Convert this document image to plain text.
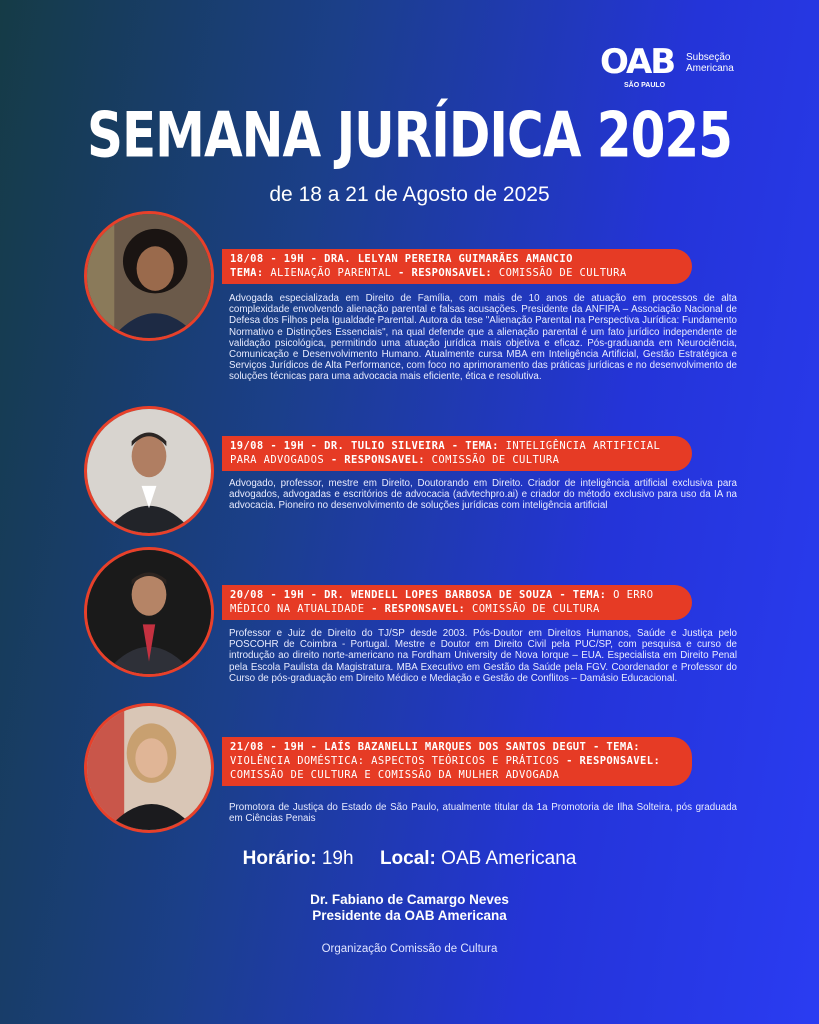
OAB
SÃO PAULO
Subseção
Americana
SEMANA JURÍDICA 2025
de 18 a 21 de Agosto de 2025
18/08 - 19H - DRA. LELYAN PEREIRA GUIMARÃES AMANCIO
TEMA: ALIENAÇÃO PARENTAL - RESPONSAVEL: COMISSÃO DE CULTURA
Advogada especializada em Direito de Família, com mais de 10 anos de atuação em processos de alta complexidade envolvendo alienação parental e falsas acusações. Presidente da ANFIPA – Associação Nacional de Defesa dos Filhos pela Igualdade Parental. Autora da tese "Alienação Parental na Perspectiva Jurídica: Fundamento Normativo e Distinções Essenciais", na qual defende que a alienação parental é um fato jurídico independente de validação psicológica, permitindo uma atuação jurídica mais objetiva e eficaz. Pós-graduanda em Neurociência, Comunicação e Desenvolvimento Humano. Atualmente cursa MBA em Inteligência Artificial, Gestão Estratégica e Serviços Jurídicos de Alta Performance, com foco no aprimoramento das práticas jurídicas e no desenvolvimento de soluções técnicas para uma advocacia mais eficiente, ética e resolutiva.
19/08 - 19H - DR. TULIO SILVEIRA - TEMA: INTELIGÊNCIA ARTIFICIAL PARA ADVOGADOS - RESPONSAVEL: COMISSÃO DE CULTURA
Advogado, professor, mestre em Direito, Doutorando em Direito. Criador de inteligência artificial exclusiva para advogados, advogadas e escritórios de advocacia (advtechpro.ai) e criador do método exclusivo para uso da IA na advocacia. Pioneiro no desenvolvimento de soluções jurídicas com inteligência artificial
20/08 - 19H - DR. WENDELL LOPES BARBOSA DE SOUZA - TEMA: O ERRO MÉDICO NA ATUALIDADE - RESPONSAVEL: COMISSÃO DE CULTURA
Professor e Juiz de Direito do TJ/SP desde 2003. Pós-Doutor em Direitos Humanos, Saúde e Justiça pelo POSCOHR de Coimbra - Portugal. Mestre e Doutor em Direito Civil pela PUC/SP, com pesquisa e curso de introdução ao direito norte-americano na Fordham University de Nova Iorque – EUA. Especialista em Direito Penal pela Escola Paulista da Magistratura. MBA Executivo em Gestão da Saúde pela FGV. Coordenador e Professor do Curso de pós-graduação em Direito Médico e Mediação e Gestão de Conflitos – Damásio Educacional.
21/08 - 19H - LAÍS BAZANELLI MARQUES DOS SANTOS DEGUT - TEMA: VIOLÊNCIA DOMÉSTICA: ASPECTOS TEÓRICOS E PRÁTICOS - RESPONSAVEL: COMISSÃO DE CULTURA E COMISSÃO DA MULHER ADVOGADA
Promotora de Justiça do Estado de São Paulo, atualmente titular da 1a Promotoria de Ilha Solteira, pós graduada em Ciências Penais
Horário: 19h Local: OAB Americana
Dr. Fabiano de Camargo Neves
Presidente da OAB Americana
Organização Comissão de Cultura
